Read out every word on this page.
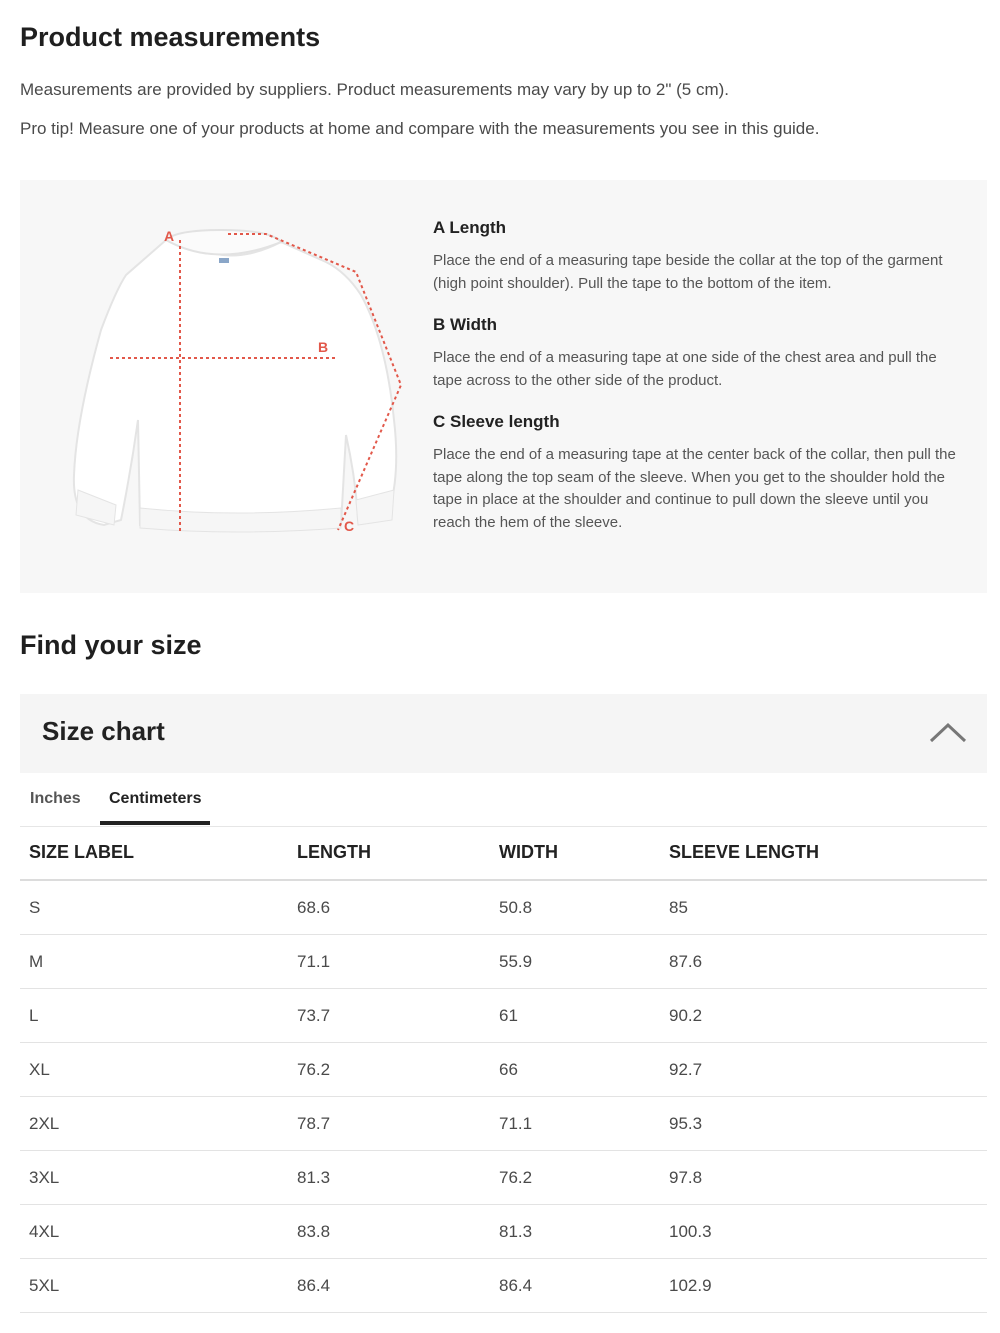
Product measurements

Measurements are provided by suppliers. Product measurements may vary by up to 2" (5 cm).

Pro tip! Measure one of your products at home and compare with the measurements you see in this guide.

A
B
C
A Length

Place the end of a measuring tape beside the collar at the top of the garment (high point shoulder). Pull the tape to the bottom of the item.

B Width

Place the end of a measuring tape at one side of the chest area and pull the tape across to the other side of the product.

C Sleeve length

Place the end of a measuring tape at the center back of the collar, then pull the tape along the top seam of the sleeve. When you get to the shoulder hold the tape in place at the shoulder and continue to pull down the sleeve until you reach the hem of the sleeve.

Find your size
Size chart
Inches	Centimeters
SIZE LABEL	LENGTH	WIDTH	SLEEVE LENGTH
S	68.6	50.8	85
M	71.1	55.9	87.6
L	73.7	61	90.2
XL	76.2	66	92.7
2XL	78.7	71.1	95.3
3XL	81.3	76.2	97.8
4XL	83.8	81.3	100.3
5XL	86.4	86.4	102.9
